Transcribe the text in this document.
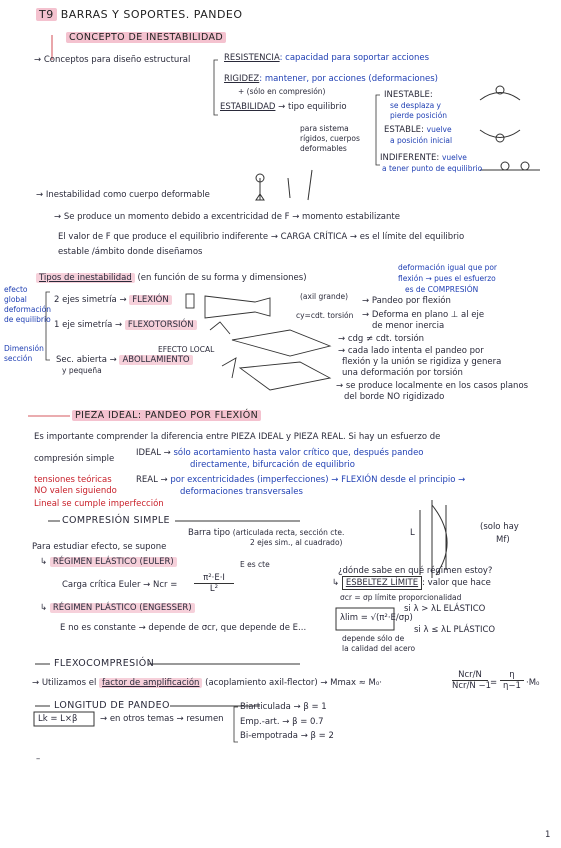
T9 BARRAS Y SOPORTES. PANDEO
CONCEPTO DE INESTABILIDAD
→ Conceptos para diseño estructural	RESISTENCIA: capacidad para soportar acciones
RIGIDEZ: mantener, por acciones (deformaciones)
+ (sólo en compresión)
ESTABILIDAD → tipo equilibrio
para sistema
rígidos, cuerpos
deformables
INESTABLE:
se desplaza y
pierde posición
ESTABLE: vuelve
a posición inicial
INDIFERENTE: vuelve
a tener punto de equilibrio
→ Inestabilidad como cuerpo deformable
→ Se produce un momento debido a excentricidad de F → momento estabilizante
El valor de F que produce el equilibrio indiferente → CARGA CRÍTICA → es el límite del equilibrio
estable /ámbito donde diseñamos
Tipos de inestabilidad (en función de su forma y dimensiones)
deformación igual que por
flexión → pues el esfuerzo
es de COMPRESIÓN
efecto
global
deformación
de equilibrio
Dimensión
sección
2 ejes simetría → FLEXIÓN
1 eje simetría → FLEXOTORSIÓN
EFECTO LOCAL
Sec. abierta → ABOLLAMIENTO
y pequeña
(axil grande) → Pandeo por flexión
cy=cdt. torsión → Deforma en plano ⊥ al eje
de menor inercia
→ cdg ≠ cdt. torsión
→ cada lado intenta el pandeo por
flexión y la unión se rigidiza y genera
una deformación por torsión
→ se produce localmente en los casos planos
del borde NO rigidizado
PIEZA IDEAL: PANDEO POR FLEXIÓN
Es importante comprender la diferencia entre PIEZA IDEAL y PIEZA REAL. Si hay un esfuerzo de
compresión simple
IDEAL → sólo acortamiento hasta valor crítico que, después pandeo
directamente, bifurcación de equilibrio
REAL → por excentricidades (imperfecciones) → FLEXIÓN desde el principio →
deformaciones transversales
tensiones teóricas
NO valen siguiendo
Lineal se cumple imperfección
COMPRESIÓN SIMPLE
Para estudiar efecto, se supone
Barra tipo (articulada recta, sección cte.
2 ejes sim., al cuadrado)
↳ RÉGIMEN ELÁSTICO (EULER)
Carga crítica Euler → Ncr =
π²·E·I
L²
E es cte
↳ RÉGIMEN PLÁSTICO (ENGESSER)
E no es constante → depende de σcr, que depende de E...
L
(solo hay
Mf)
¿dónde sabe en qué régimen estoy?
↳ ESBELTEZ LÍMITE : valor que hace
σcr = σp límite proporcionalidad
λlim = √(π²·E/σp)
depende sólo de
la calidad del acero
si λ > λL ELÁSTICO
si λ ≤ λL PLÁSTICO
FLEXOCOMPRESIÓN
→ Utilizamos el factor de amplificación (acoplamiento axil-flector) → Mmax ≈ M₀·
Ncr/N
Ncr/N −1 =
η
η−1 ·M₀
LONGITUD DE PANDEO
Lk = L×β	→ en otros temas → resumen
Biarticulada → β = 1
Emp.-art. → β = 0.7
Bi-empotrada → β = 2
–
1
